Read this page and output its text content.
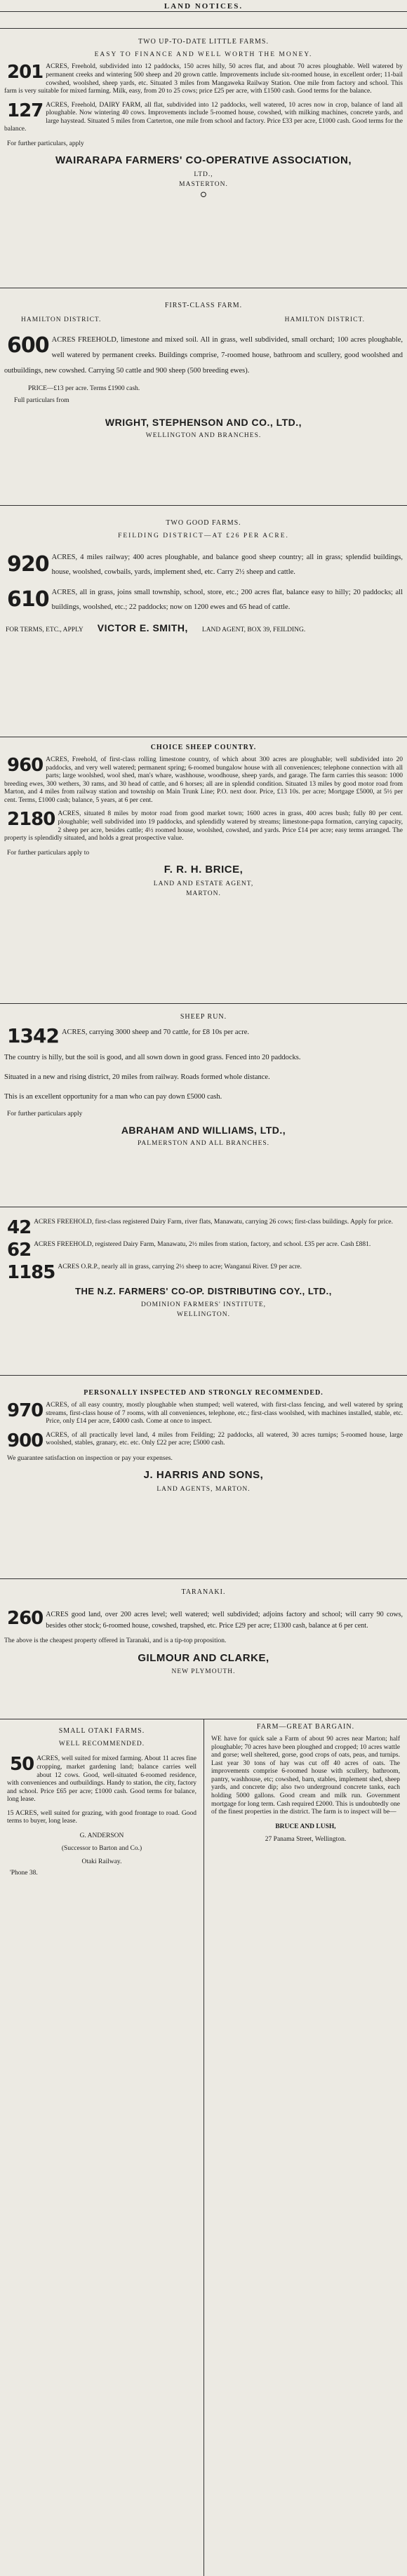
LAND NOTICES.
TWO UP-TO-DATE LITTLE FARMS.
EASY TO FINANCE AND WELL WORTH THE MONEY.
201 ACRES, Freehold, subdivided into 12 paddocks, 150 acres hilly, 50 acres flat, and about 70 acres ploughable. Well watered by permanent creeks and wintering 500 sheep and 20 grown cattle. Improvements include six-roomed house, in excellent order; 11-bail cowshed, woolshed, sheep yards, etc. Situated 3 miles from Mangaweka Railway Station. One mile from factory and school. This farm is very suitable for mixed farming. Milk, easy, from 20 to 25 cows; price £25 per acre, with £1500 cash. Good terms for the balance.
127 ACRES, Freehold, DAIRY FARM, all flat, subdivided into 12 paddocks, well watered, 10 acres now in crop, balance of land all ploughable. Now wintering 40 cows. Improvements include 5-roomed house, cowshed, with milking machines, concrete yards, and large haystead. Situated 5 miles from Carterton, one mile from school and factory. Price £33 per acre, £1000 cash. Good terms for the balance.
For further particulars, apply
WAIRARAPA FARMERS' CO-OPERATIVE ASSOCIATION,
LTD.,
MASTERTON.
ⵔ
FIRST-CLASS FARM.
HAMILTON DISTRICT.	HAMILTON DISTRICT.
600 ACRES FREEHOLD, limestone and mixed soil. All in grass, well subdivided, small orchard; 100 acres ploughable, well watered by permanent creeks. Buildings comprise, 7-roomed house, bathroom and scullery, good woolshed and outbuildings, new cowshed. Carrying 50 cattle and 900 sheep (500 breeding ewes).
PRICE—£13 per acre. Terms £1900 cash.
Full particulars from
WRIGHT, STEPHENSON AND CO., LTD.,
WELLINGTON AND BRANCHES.
TWO GOOD FARMS.
FEILDING DISTRICT—AT £26 PER ACRE.
920 ACRES, 4 miles railway; 400 acres ploughable, and balance good sheep country; all in grass; splendid buildings, house, woolshed, cowbails, yards, implement shed, etc. Carry 2½ sheep and cattle.
610 ACRES, all in grass, joins small township, school, store, etc.; 200 acres flat, balance easy to hilly; 20 paddocks; all buildings, woolshed, etc.; 22 paddocks; now on 1200 ewes and 65 head of cattle.
FOR TERMS, ETC., APPLY VICTOR E. SMITH, LAND AGENT, BOX 39, FEILDING.
CHOICE SHEEP COUNTRY.
960 ACRES, Freehold, of first-class rolling limestone country, of which about 300 acres are ploughable; well subdivided into 20 paddocks, and very well watered; permanent spring; 6-roomed bungalow house with all conveniences; telephone connection with all parts; large woolshed, wool shed, man's whare, washhouse, woodhouse, sheep yards, and garage. The farm carries this season: 1000 breeding ewes, 300 wethers, 30 rams, and 30 head of cattle, and 6 horses; all are in splendid condition. Situated 13 miles by good motor road from Marton, and 4 miles from railway station and township on Main Trunk Line; P.O. next door. Price, £13 10s. per acre; Mortgage £5000, at 5½ per cent. Terms, £1000 cash; balance, 5 years, at 6 per cent.
2180 ACRES, situated 8 miles by motor road from good market town; 1600 acres in grass, 400 acres bush; fully 80 per cent. ploughable; well subdivided into 19 paddocks, and splendidly watered by streams; limestone-papa formation, carrying capacity, 2 sheep per acre, besides cattle; 4½ roomed house, woolshed, cowshed, and yards. Price £14 per acre; easy terms arranged. The property is splendidly situated, and holds a great prospective value.
For further particulars apply to
F. R. H. BRICE,
LAND AND ESTATE AGENT,
MARTON.
SHEEP RUN.
1342 ACRES, carrying 3000 sheep and 70 cattle, for £8 10s per acre.
The country is hilly, but the soil is good, and all sown down in good grass. Fenced into 20 paddocks.
Situated in a new and rising district, 20 miles from railway. Roads formed whole distance.
This is an excellent opportunity for a man who can pay down £5000 cash.
For further particulars apply
ABRAHAM AND WILLIAMS, LTD.,
PALMERSTON AND ALL BRANCHES.
42 ACRES FREEHOLD, first-class registered Dairy Farm, river flats, Manawatu, carrying 26 cows; first-class buildings. Apply for price.
62 ACRES FREEHOLD, registered Dairy Farm, Manawatu, 2½ miles from station, factory, and school. £35 per acre. Cash £881.
1185 ACRES O.R.P., nearly all in grass, carrying 2½ sheep to acre; Wanganui River. £9 per acre.
THE N.Z. FARMERS' CO-OP. DISTRIBUTING COY., LTD.,
DOMINION FARMERS' INSTITUTE,
WELLINGTON.
PERSONALLY INSPECTED AND STRONGLY RECOMMENDED.
970 ACRES, of all easy country, mostly ploughable when stumped; well watered, with first-class fencing, and well watered by spring streams, first-class house of 7 rooms, with all conveniences, telephone, etc.; first-class woolshed, with machines installed, stable, etc. Price, only £14 per acre, £4000 cash. Come at once to inspect.
900 ACRES, of all practically level land, 4 miles from Feilding; 22 paddocks, all watered, 30 acres turnips; 5-roomed house, large woolshed, stables, granary, etc. etc. Only £22 per acre; £5000 cash.
We guarantee satisfaction on inspection or pay your expenses.
J. HARRIS AND SONS,
LAND AGENTS, MARTON.
TARANAKI.
260 ACRES good land, over 200 acres level; well watered; well subdivided; adjoins factory and school; will carry 90 cows, besides other stock; 6-roomed house, cowshed, trapshed, etc. Price £29 per acre; £1300 cash, balance at 6 per cent.
The above is the cheapest property offered in Taranaki, and is a tip-top proposition.
GILMOUR AND CLARKE,
NEW PLYMOUTH.
SMALL OTAKI FARMS.
WELL RECOMMENDED.
50 ACRES, well suited for mixed farming. About 11 acres fine cropping, market gardening land; balance carries well about 12 cows. Good, well-situated 6-roomed residence, with conveniences and outbuildings. Handy to station, the city, factory and school. Price £65 per acre; £1000 cash. Good terms for balance, long lease.
15 ACRES, well suited for grazing, with good frontage to road. Good terms to buyer, long lease.
G. ANDERSON
(Successor to Barton and Co.)
Otaki Railway.
'Phone 38.
FARM—GREAT BARGAIN.
WE have for quick sale a Farm of about 90 acres near Marton; half ploughable; 70 acres have been ploughed and cropped; 10 acres wattle and gorse; well sheltered, gorse, good crops of oats, peas, and turnips. Last year 30 tons of hay was cut off 40 acres of oats. The improvements comprise 6-roomed house with scullery, bathroom, pantry, washhouse, etc; cowshed, barn, stables, implement shed, sheep yards, and concrete dip; also two underground concrete tanks, each holding 5000 gallons. Good cream and milk run. Government mortgage for long term. Cash required £2000. This is undoubtedly one of the finest properties in the district. The farm is to inspect will be—
BRUCE AND LUSH,
27 Panama Street, Wellington.
